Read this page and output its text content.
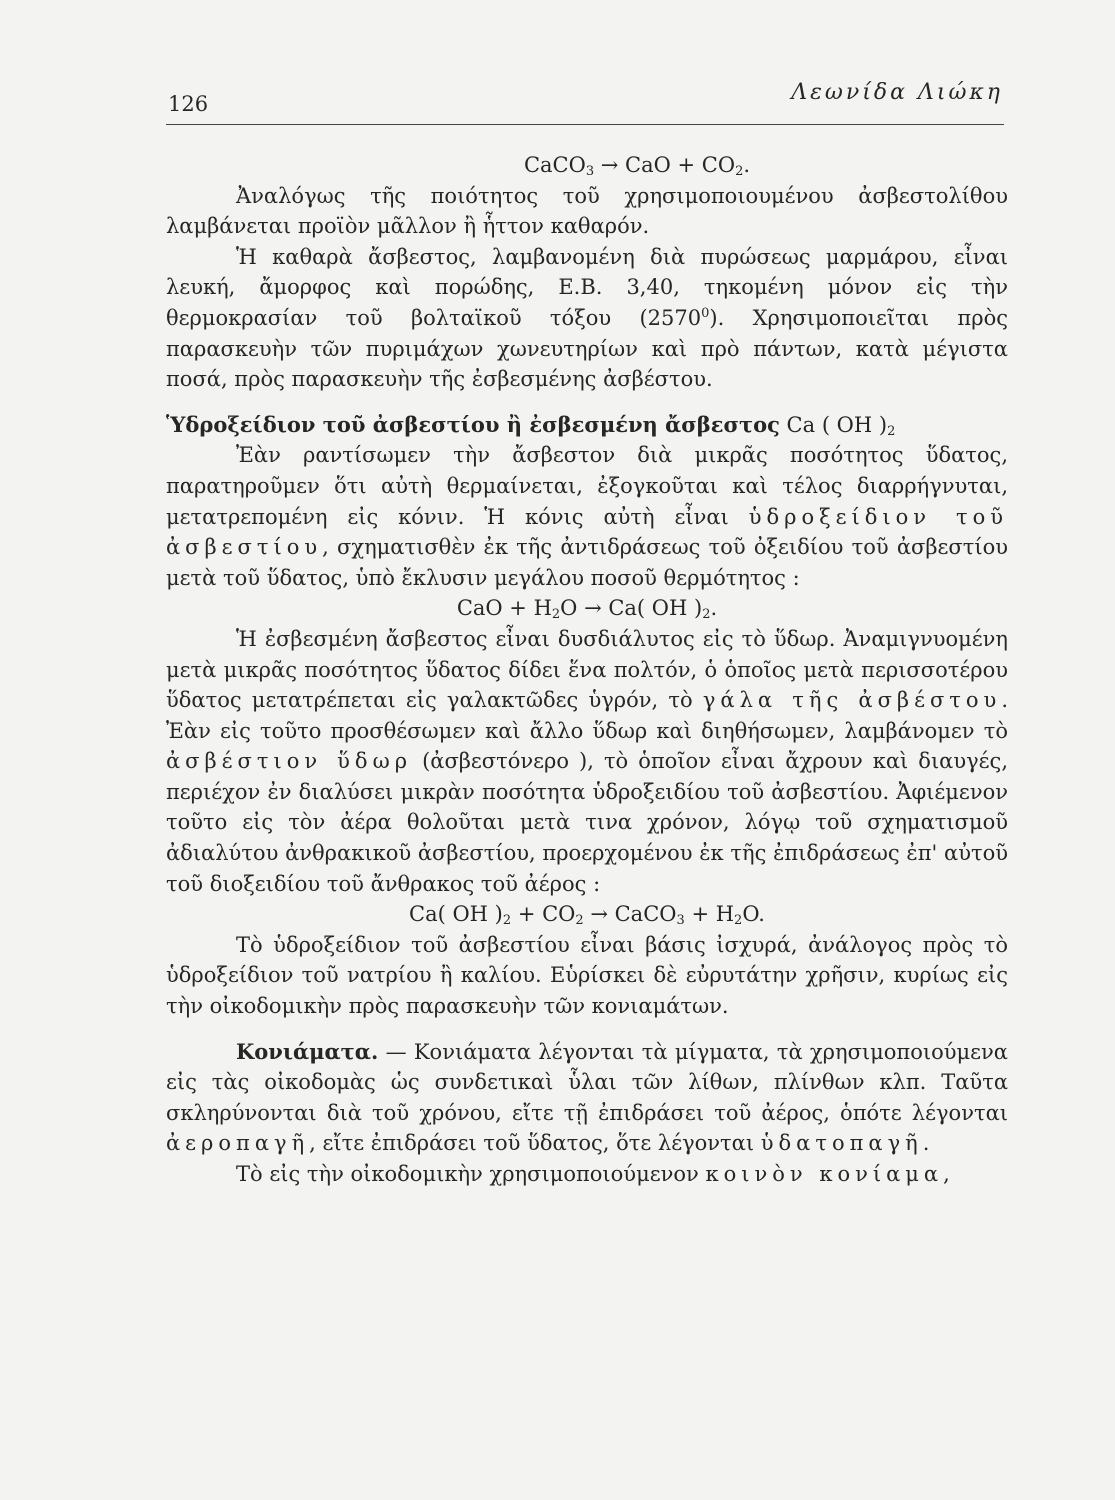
126	Λεωνίδα Λιώκη

CaCO$_3$ → CaO + $CO_2$.

Ἀναλόγως τῆς ποιότητος τοῦ χρησιμοποιουμένου ἀσβεστολίθου λαμβάνεται προϊὸν μᾶλλον ἢ ἧττον καθαρόν.

Ἡ καθαρὰ ἄσβεστος, λαμβανομένη διὰ πυρώσεως μαρμάρου, εἶναι λευκή, ἄμορφος καὶ πορώδης, Ε.Β. 3,40, τηκομένη μόνον εἰς τὴν θερμοκρασίαν τοῦ βολταϊκοῦ τόξου (2570$^0$). Χρησιμοποιεῖται πρὸς παρασκευὴν τῶν πυριμάχων χωνευτηρίων καὶ πρὸ πάντων, κατὰ μέγιστα ποσά, πρὸς παρασκευὴν τῆς ἐσβεσμένης ἀσβέστου.

Ὑδροξείδιον τοῦ ἀσβεστίου ἢ ἐσβεσμένη ἄσβεστος Ca ( OH )$_2$

Ἐὰν ραντίσωμεν τὴν ἄσβεστον διὰ μικρᾶς ποσότητος ὕδατος, παρατηροῦμεν ὅτι αὐτὴ θερμαίνεται, ἐξογκοῦται καὶ τέλος διαρρήγνυται, μετατρεπομένη εἰς κόνιν. Ἡ κόνις αὐτὴ εἶναι ὑδροξείδιον τοῦ ἀσβεστίου, σχηματισθὲν ἐκ τῆς ἀντιδράσεως τοῦ ὀξειδίου τοῦ ἀσβεστίου μετὰ τοῦ ὕδατος, ὑπὸ ἔκλυσιν μεγάλου ποσοῦ θερμότητος :

CaO + $H_2O \to Ca$( OH )$_2$.

Ἡ ἐσβεσμένη ἄσβεστος εἶναι δυσδιάλυτος εἰς τὸ ὕδωρ. Ἀναμιγνυομένη μετὰ μικρᾶς ποσότητος ὕδατος δίδει ἕνα πολτόν, ὁ ὁποῖος μετὰ περισσοτέρου ὕδατος μετατρέπεται εἰς γαλακτῶδες ὑγρόν, τὸ γάλα τῆς ἀσβέστου. Ἐὰν εἰς τοῦτο προσθέσωμεν καὶ ἄλλο ὕδωρ καὶ διηθήσωμεν, λαμβάνομεν τὸ ἀσβέστιον ὕδωρ (ἀσβεστόνερο ), τὸ ὁποῖον εἶναι ἄχρουν καὶ διαυγές, περιέχον ἐν διαλύσει μικρὰν ποσότητα ὑδροξειδίου τοῦ ἀσβεστίου. Ἀφιέμενον τοῦτο εἰς τὸν ἀέρα θολοῦται μετὰ τινα χρόνον, λόγῳ τοῦ σχηματισμοῦ ἀδιαλύτου ἀνθρακικοῦ ἀσβεστίου, προερχομένου ἐκ τῆς ἐπιδράσεως ἐπ' αὐτοῦ τοῦ διοξειδίου τοῦ ἄνθρακος τοῦ ἀέρος :

Ca( OH )$_2 + CO_2$ → CaCO$_3$ + $H_2O$.

Τὸ ὑδροξείδιον τοῦ ἀσβεστίου εἶναι βάσις ἰσχυρά, ἀνάλογος πρὸς τὸ ὑδροξείδιον τοῦ νατρίου ἢ καλίου. Εὑρίσκει δὲ εὐρυτάτην χρῆσιν, κυρίως εἰς τὴν οἰκοδομικὴν πρὸς παρασκευὴν τῶν κονιαμάτων.

Κονιάματα. — Κονιάματα λέγονται τὰ μίγματα, τὰ χρησιμοποιούμενα εἰς τὰς οἰκοδομὰς ὡς συνδετικαὶ ὗλαι τῶν λίθων, πλίνθων κλπ. Ταῦτα σκληρύνονται διὰ τοῦ χρόνου, εἴτε τῇ ἐπιδράσει τοῦ ἀέρος, ὁπότε λέγονται ἀεροπαγῆ, εἴτε ἐπιδράσει τοῦ ὕδατος, ὅτε λέγονται ὑδατοπαγῆ.

Τὸ εἰς τὴν οἰκοδομικὴν χρησιμοποιούμενον κοινὸν κονίαμα,
